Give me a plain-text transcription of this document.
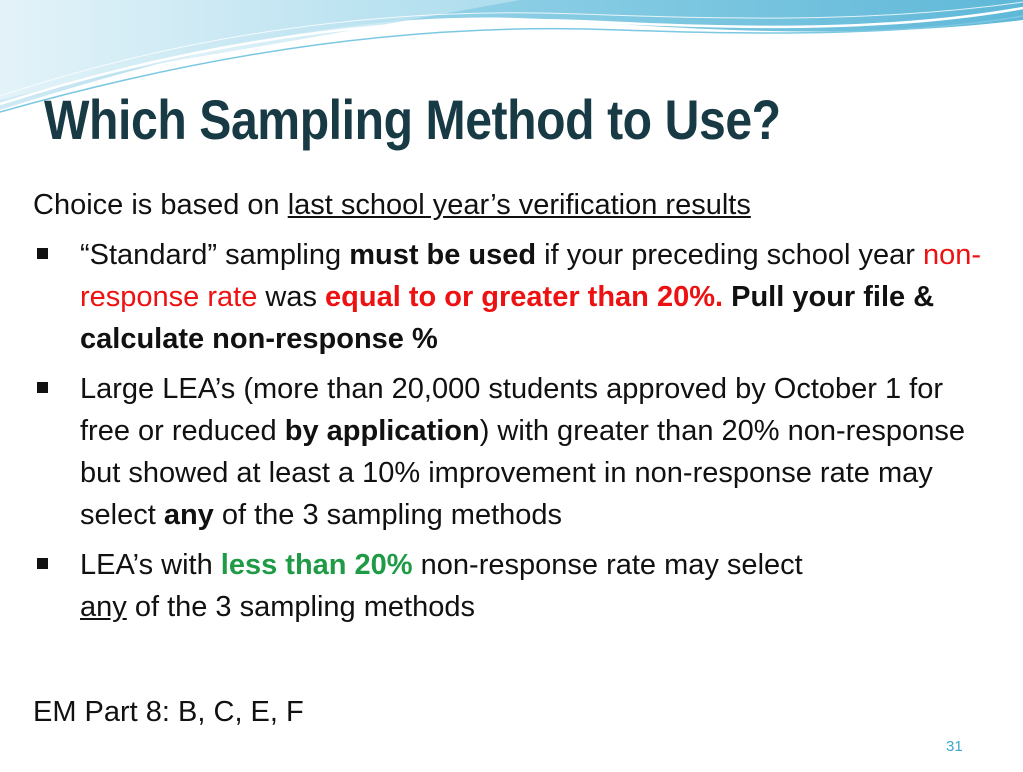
Which Sampling Method to Use?
Choice is based on last school year’s verification results
“Standard” sampling must be used if your preceding school year non-response rate was equal to or greater than 20%. Pull your file & calculate non-response %
Large LEA’s (more than 20,000 students approved by October 1 for free or reduced by application) with greater than 20% non-response but showed at least a 10% improvement in non-response rate may select any of the 3 sampling methods
LEA’s with less than 20% non-response rate may select
any of the 3 sampling methods
EM Part 8: B, C, E, F
31
